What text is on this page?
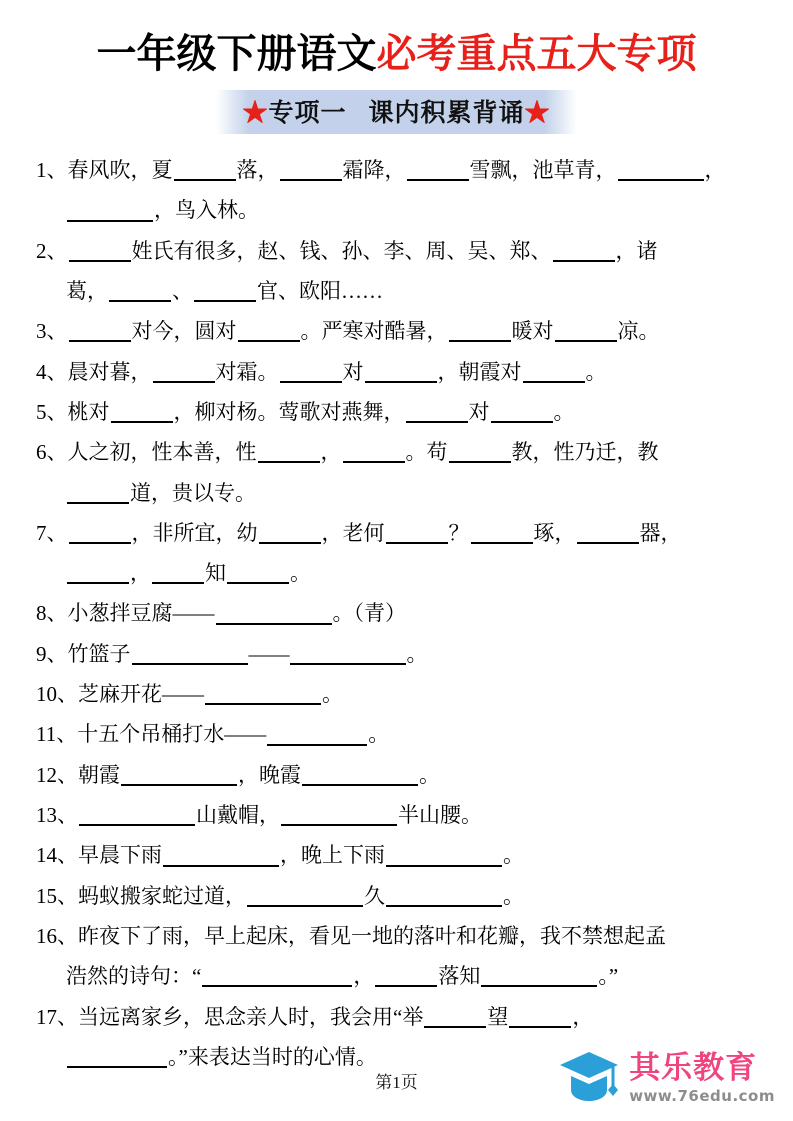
一年级下册语文必考重点五大专项
★专项一 课内积累背诵★
1、春风吹，夏	落，	霜降，	雪飘，池草青，	，
，鸟入林。
2、	姓氏有很多，赵、钱、孙、李、周、吴、郑、	，诸
葛，	、	官、欧阳……
3、	对今，圆对	。严寒对酷暑，	暖对	凉。
4、晨对暮，	对霜。	对	，朝霞对	。
5、桃对	，柳对杨。莺歌对燕舞，	对	。
6、人之初，性本善，性	，	。苟	教，性乃迁，教
道，贵以专。
7、	，非所宜，幼	，老何	？	琢，	器，
，	知	。
8、小葱拌豆腐——	。（青）
9、竹篮子	——	。
10、芝麻开花——	。
11、十五个吊桶打水——	。
12、朝霞	，晚霞	。
13、	山戴帽，	半山腰。
14、早晨下雨	，晚上下雨	。
15、蚂蚁搬家蛇过道，	久	。
16、昨夜下了雨，早上起床，看见一地的落叶和花瓣，我不禁想起孟
浩然的诗句：“	，	落知	。”
17、当远离家乡，思念亲人时，我会用“举	望	，
。”来表达当时的心情。
第1页	其乐教育
www.76edu.com
